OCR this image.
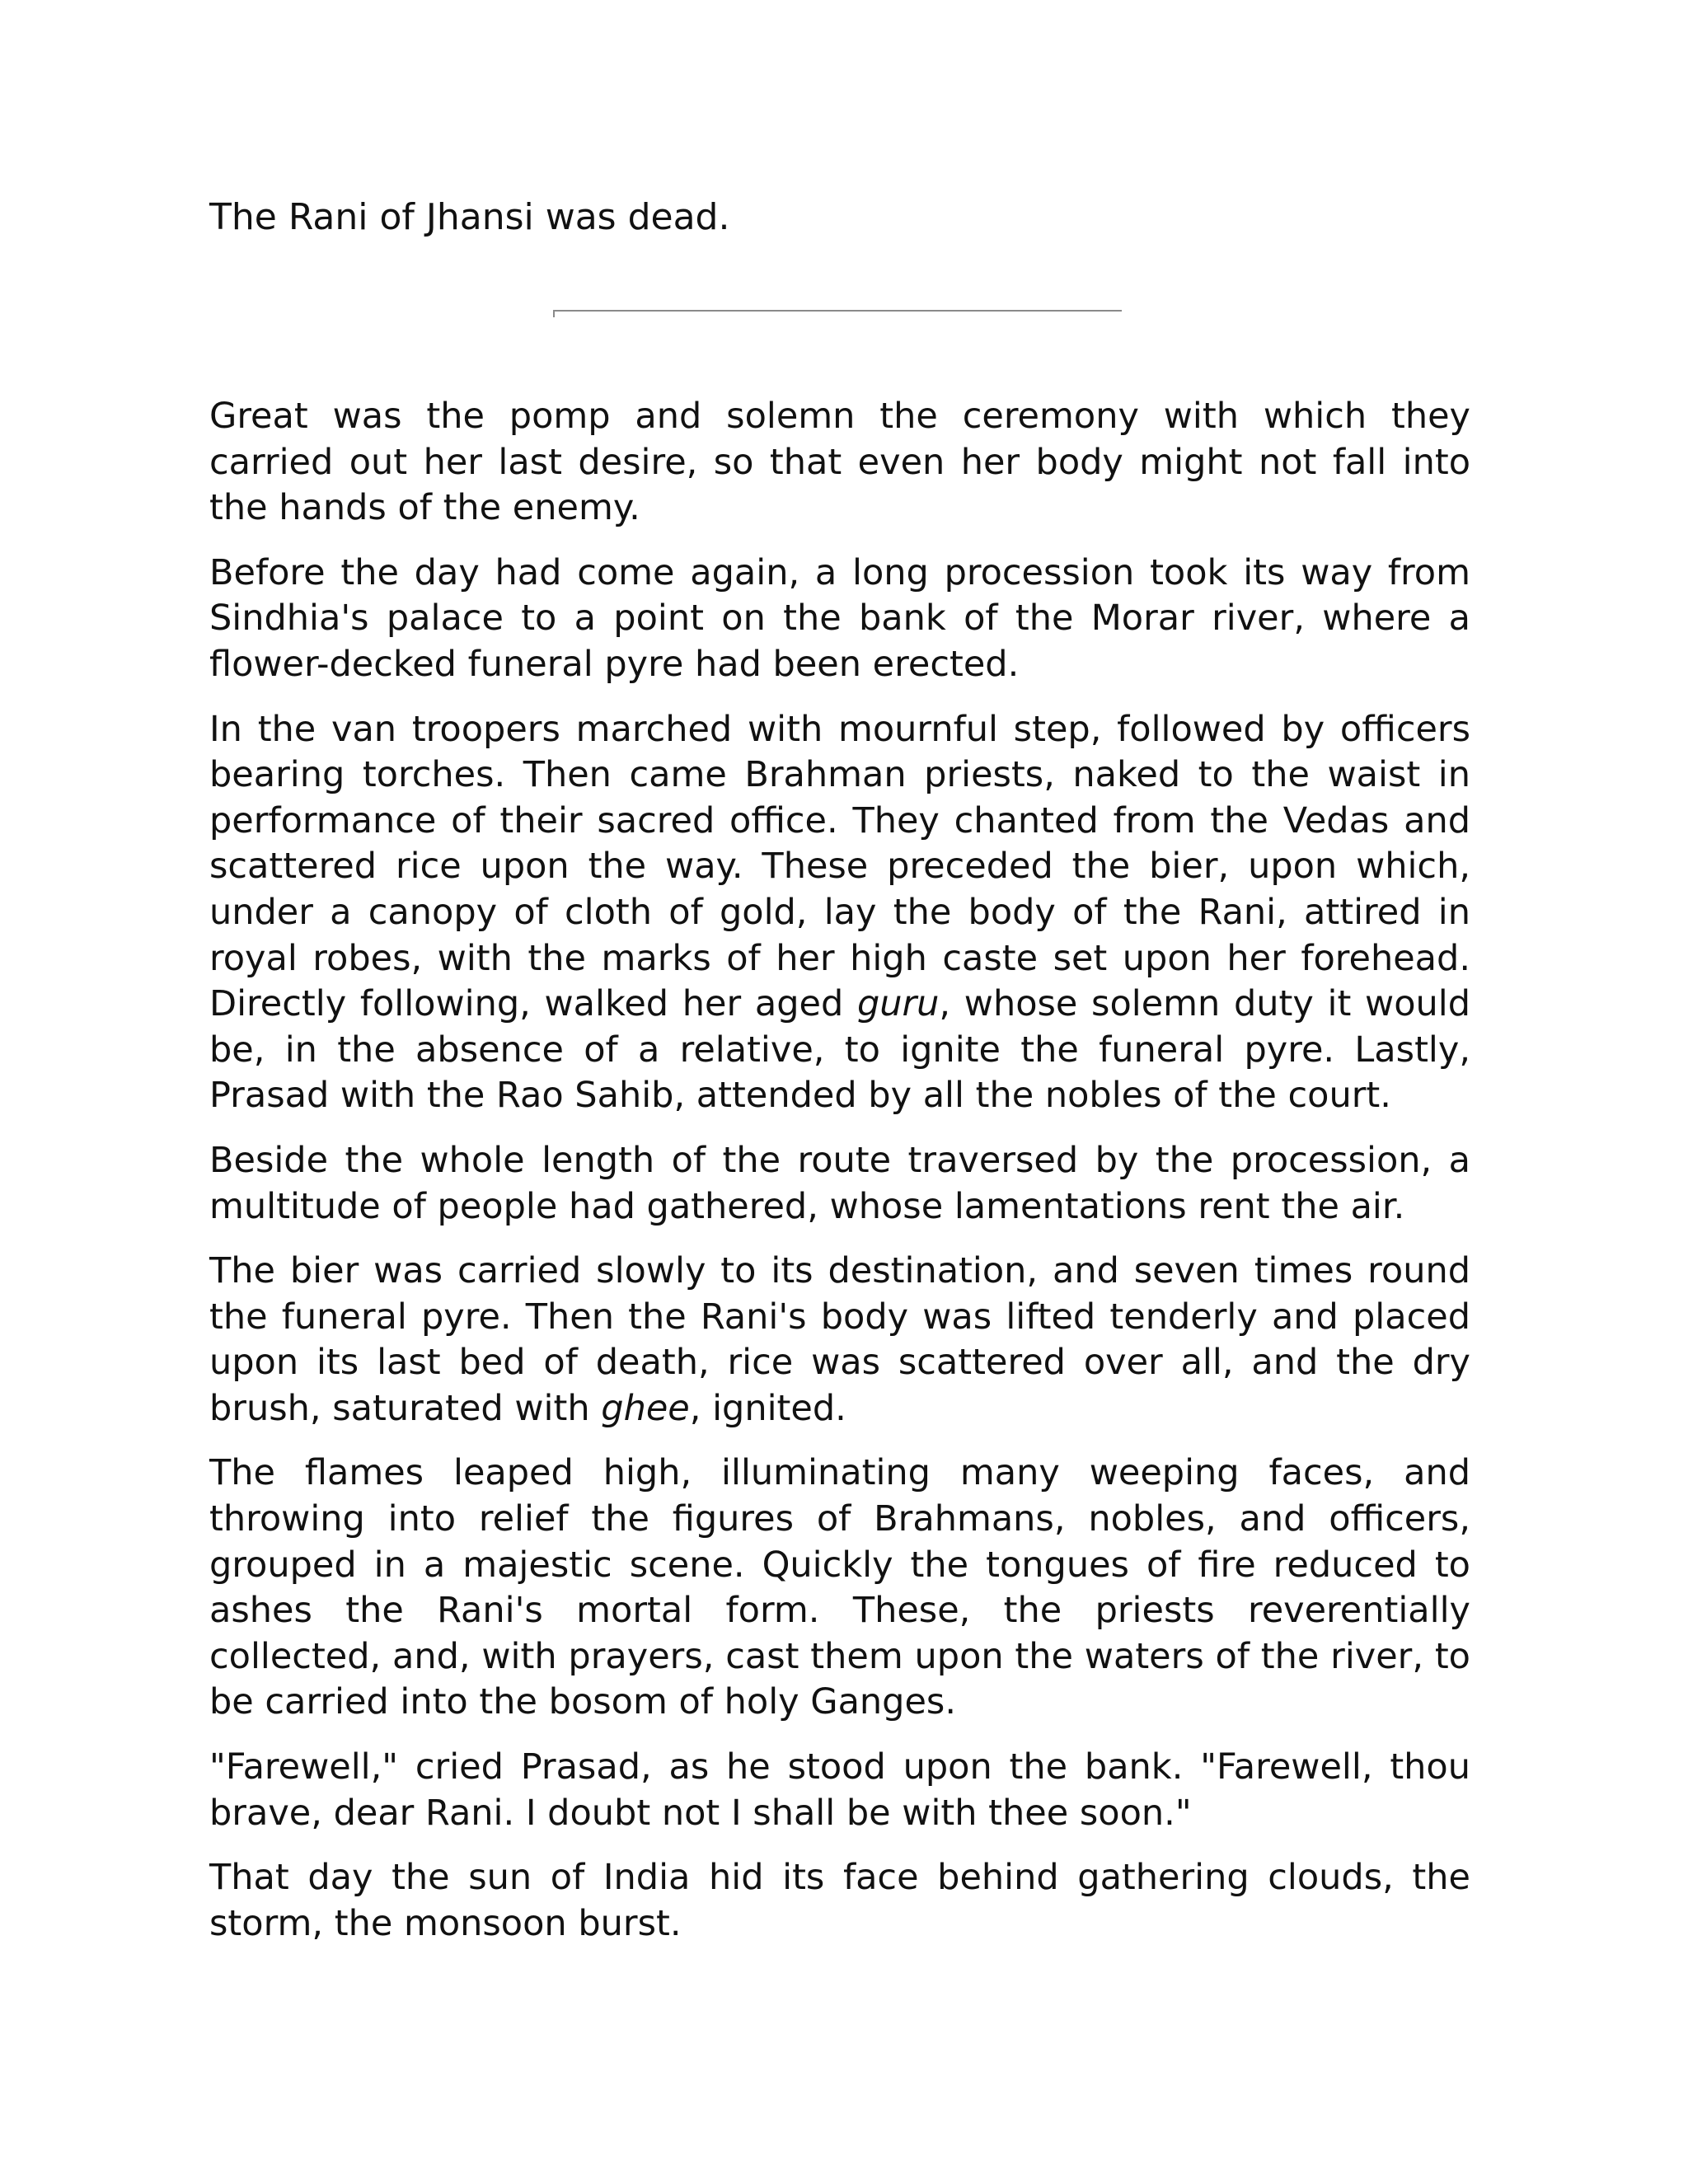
The Rani of Jhansi was dead.

Great was the pomp and solemn the ceremony with which they carried out her last desire, so that even her body might not fall into the hands of the enemy.

Before the day had come again, a long procession took its way from Sindhia's palace to a point on the bank of the Morar river, where a flower-decked funeral pyre had been erected.

In the van troopers marched with mournful step, followed by officers bearing torches. Then came Brahman priests, naked to the waist in performance of their sacred office. They chanted from the Vedas and scattered rice upon the way. These preceded the bier, upon which, under a canopy of cloth of gold, lay the body of the Rani, attired in royal robes, with the marks of her high caste set upon her forehead. Directly following, walked her aged guru, whose solemn duty it would be, in the absence of a relative, to ignite the funeral pyre. Lastly, Prasad with the Rao Sahib, attended by all the nobles of the court.

Beside the whole length of the route traversed by the procession, a multitude of people had gathered, whose lamentations rent the air.

The bier was carried slowly to its destination, and seven times round the funeral pyre. Then the Rani's body was lifted tenderly and placed upon its last bed of death, rice was scattered over all, and the dry brush, saturated with ghee, ignited.

The flames leaped high, illuminating many weeping faces, and throwing into relief the figures of Brahmans, nobles, and officers, grouped in a majestic scene. Quickly the tongues of fire reduced to ashes the Rani's mortal form. These, the priests reverentially collected, and, with prayers, cast them upon the waters of the river, to be carried into the bosom of holy Ganges.

"Farewell," cried Prasad, as he stood upon the bank. "Farewell, thou brave, dear Rani. I doubt not I shall be with thee soon."

That day the sun of India hid its face behind gathering clouds, the storm, the monsoon burst.
